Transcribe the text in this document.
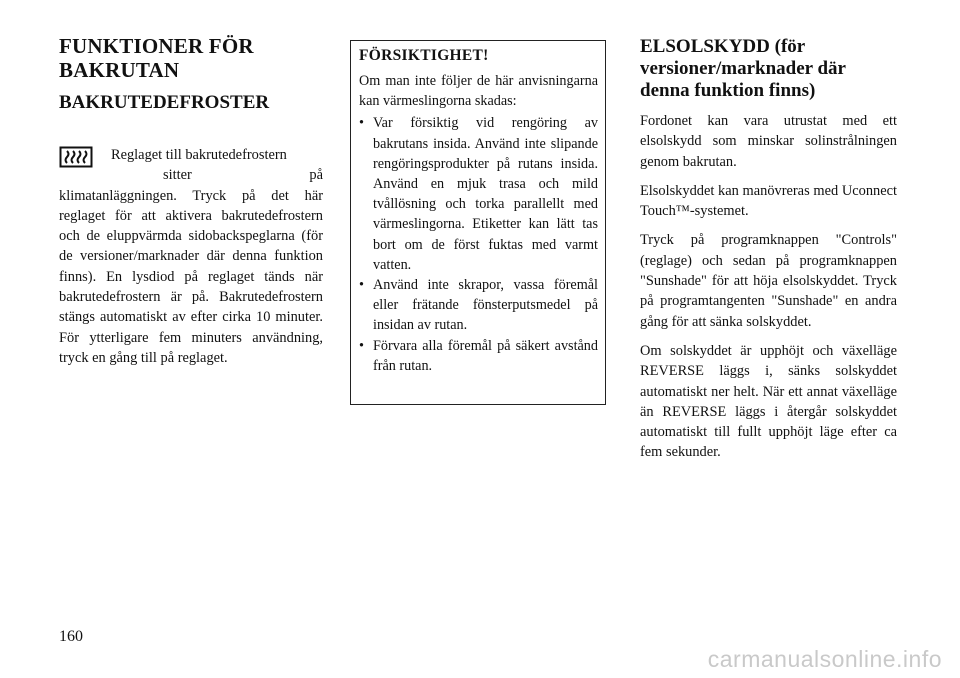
FUNKTIONER FÖR BAKRUTAN
BAKRUTEDEFROSTER

Reglaget till bakrutedefrostern

sitter på klimatanläggningen. Tryck på det här reglaget för att aktivera bakrutedefrostern och de eluppvärmda sidobackspeglarna (för de versioner/marknader där denna funktion finns). En lysdiod på reglaget tänds när bakrutedefrostern är på. Bakrutedefrostern stängs automatiskt av efter cirka 10 minuter. För ytterligare fem minuters användning, tryck en gång till på reglaget.

FÖRSIKTIGHET!

Om man inte följer de här anvisningarna kan värmeslingorna skadas:

• Var försiktig vid rengöring av bakrutans insida. Använd inte slipande rengöringsprodukter på rutans insida. Använd en mjuk trasa och mild tvållösning och torka parallellt med värmeslingorna. Etiketter kan lätt tas bort om de först fuktas med varmt vatten.
• Använd inte skrapor, vassa föremål eller frätande fönsterputsmedel på insidan av rutan.
• Förvara alla föremål på säkert avstånd från rutan.
ELSOLSKYDD (för versioner/marknader där denna funktion finns)

Fordonet kan vara utrustat med ett elsolskydd som minskar solinstrålningen genom bakrutan.

Elsolskyddet kan manövreras med Uconnect Touch™-systemet.

Tryck på programknappen "Controls" (reglage) och sedan på programknappen "Sunshade" för att höja elsolskyddet. Tryck på programtangenten "Sunshade" en andra gång för att sänka solskyddet.

Om solskyddet är upphöjt och växelläge REVERSE läggs i, sänks solskyddet automatiskt ner helt. När ett annat växelläge än REVERSE läggs i återgår solskyddet automatiskt till fullt upphöjt läge efter ca fem sekunder.

160
carmanualsonline.info
